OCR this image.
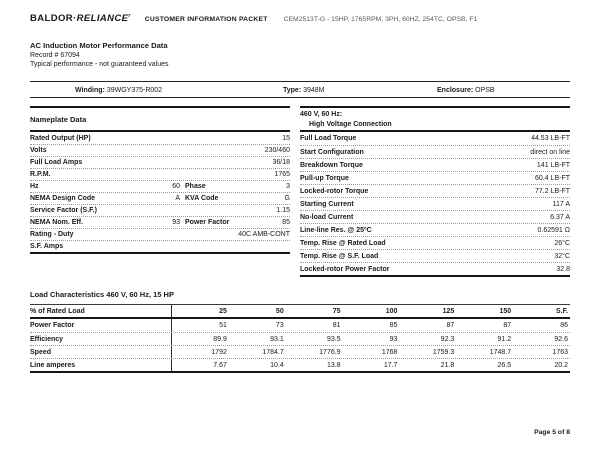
$BALDOR\cdot RELIANCE^r$
CUSTOMER INFORMATION PACKET CEM2513T-G - 15HP, 1765RPM, 3PH, 60HZ, 254TC, OPSB, F1
AC Induction Motor Performance Data
Record # 67094
Typical performance - not guaranteed values
Winding: 39WGY375-R002	Type: 3948M	Enclosure: OPSB
Nameplate Data
Rated Output (HP)	15
Volts	230/460
Full Load Amps	36/18
R.P.M.	1765
Hz	60 Phase	3
NEMA Design Code	A KVA Code	G
Service Factor (S.F.)	1.15
NEMA Nom. Eff.	93 Power Factor	85
Rating - Duty	40C AMB-CONT
S.F. Amps
460 V, 60 Hz:
High Voltage Connection
Full Load Torque	44.53 LB-FT
Start Configuration	direct on line
Breakdown Torque	141 LB-FT
Pull-up Torque	60.4 LB-FT
Locked-rotor Torque	77.2 LB-FT
Starting Current	117 A
No-load Current	6.37 A
Line-line Res. @ 25ºC	0.62591 Ω
Temp. Rise @ Rated Load	26°C
Temp. Rise @ S.F. Load	32°C
Locked-rotor Power Factor	32.8
Load Characteristics 460 V, 60 Hz, 15 HP
% of Rated Load	25	50	75	100	125	150	S.F.
Power Factor	51	73	81	85	87	87	86
Efficiency	89.9	93.1	93.5	93	92.3	91.2	92.6
Speed	1792	1784.7	1776.9	1768	1759.3	1748.7	1763
Line amperes	7.67	10.4	13.8	17.7	21.8	26.5	20.2
Page 5 of 8
